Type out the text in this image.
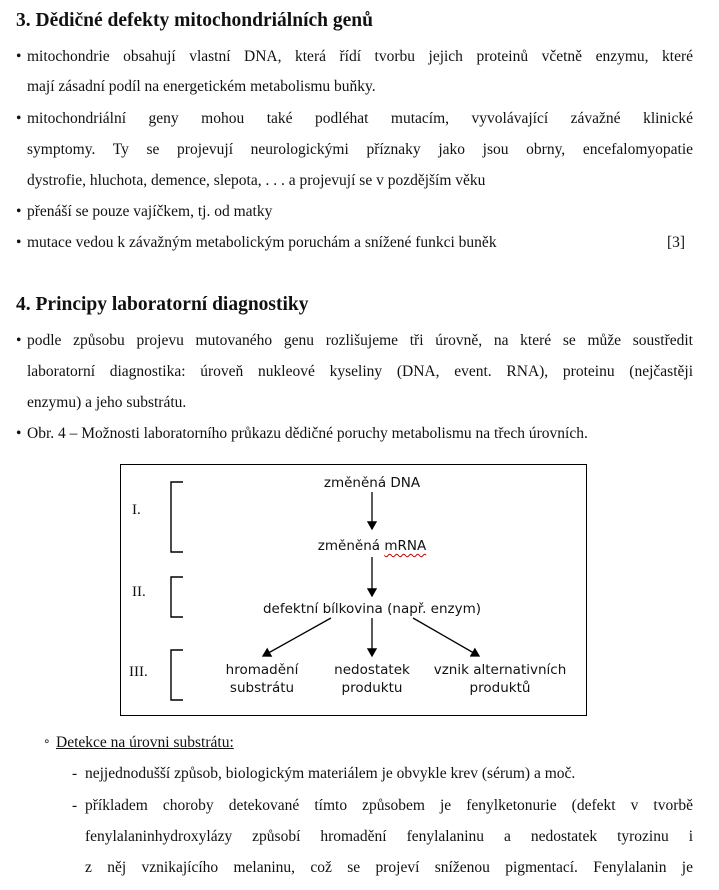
3. Dědičné defekty mitochondriálních genů
• mitochondrie obsahují vlastní DNA, která řídí tvorbu jejich proteinů včetně enzymu, které
mají zásadní podíl na energetickém metabolismu buňky.
• mitochondriální geny mohou také podléhat mutacím, vyvolávající závažné klinické
symptomy. Ty se projevují neurologickými příznaky jako jsou obrny, encefalomyopatie
dystrofie, hluchota, demence, slepota, . . . a projevují se v pozdějším věku
• přenáší se pouze vajíčkem, tj. od matky
• mutace vedou k závažným metabolickým poruchám a snížené funkci buněk	[3]
4. Principy laboratorní diagnostiky
• podle způsobu projevu mutovaného genu rozlišujeme tři úrovně, na které se může soustředit
laboratorní diagnostika: úroveň nukleové kyseliny (DNA, event. RNA), proteinu (nejčastěji
enzymu) a jeho substrátu.
• Obr. 4 – Možnosti laboratorního průkazu dědičné poruchy metabolismu na třech úrovních.
I.
II.
III.
změněná DNA
změněná mRNA
defektní bílkovina (např. enzym)
hromadění
substrátu
nedostatek
produktu
vznik alternativních
produktů
∘ Detekce na úrovni substrátu:
- nejjednodušší způsob, biologickým materiálem je obvykle krev (sérum) a moč.
- příkladem choroby detekované tímto způsobem je fenylketonurie (defekt v tvorbě
fenylalaninhydroxylázy způsobí hromadění fenylalaninu a nedostatek tyrozinu i
z něj vznikajícího melaninu, což se projeví sníženou pigmentací. Fenylalanin je
